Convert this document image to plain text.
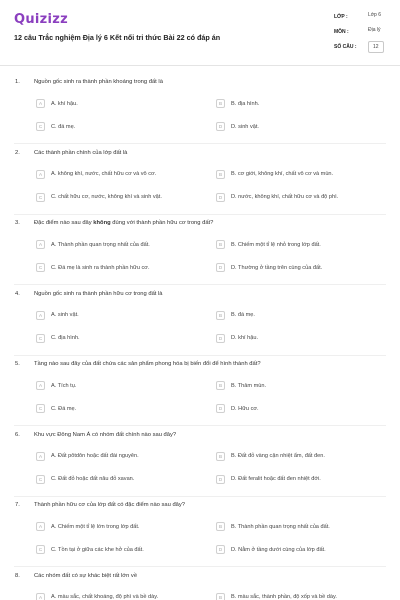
Quizizz
12 câu Trắc nghiệm Địa lý 6 Kết nối tri thức Bài 22 có đáp án
LỚP :	Lớp 6
MÔN :	Địa lý
SỐ CÂU :	12
1. Nguồn gốc sinh ra thành phần khoáng trong đất là
A	A. khí hậu.	B	B. địa hình.
C	C. đá mẹ.	D	D. sinh vật.
2. Các thành phần chính của lớp đất là
A	A. không khí, nước, chất hữu cơ và vô cơ.	B	B. cơ giới, không khí, chất vô cơ và mùn.
C	C. chất hữu cơ, nước, không khí và sinh vật.	D	D. nước, không khí, chất hữu cơ và độ phì.
3. Đặc điểm nào sau đây không đúng với thành phần hữu cơ trong đất?
A	A. Thành phần quan trọng nhất của đất.	B	B. Chiếm một tỉ lệ nhỏ trong lớp đất.
C	C. Đá mẹ là sinh ra thành phần hữu cơ.	D	D. Thường ở tầng trên cùng của đất.
4. Nguồn gốc sinh ra thành phần hữu cơ trong đất là
A	A. sinh vật.	B	B. đá mẹ.
C	C. địa hình.	D	D. khí hậu.
5. Tầng nào sau đây của đất chứa các sản phẩm phong hóa bị biến đổi để hình thành đất?
A	A. Tích tụ.	B	B. Thảm mùn.
C	C. Đá mẹ.	D	D. Hữu cơ.
6. Khu vực Đông Nam Á có nhóm đất chính nào sau đây?
A	A. Đất pôtdôn hoặc đất đài nguyên.	B	B. Đất đỏ vàng cận nhiệt ẩm, đất đen.
C	C. Đất đỏ hoặc đất nâu đỏ xavan.	D	D. Đất feralit hoặc đất đen nhiệt đới.
7. Thành phần hữu cơ của lớp đất có đặc điểm nào sau đây?
A	A. Chiếm một tỉ lệ lớn trong lớp đất.	B	B. Thành phần quan trọng nhất của đất.
C	C. Tồn tại ở giữa các khe hở của đất.	D	D. Nằm ở tầng dưới cùng của lớp đất.
8. Các nhóm đất có sự khác biệt rất lớn về
A	A. màu sắc, chất khoáng, độ phì và bề dày.	B	B. màu sắc, thành phần, độ xốp và bề dày.
